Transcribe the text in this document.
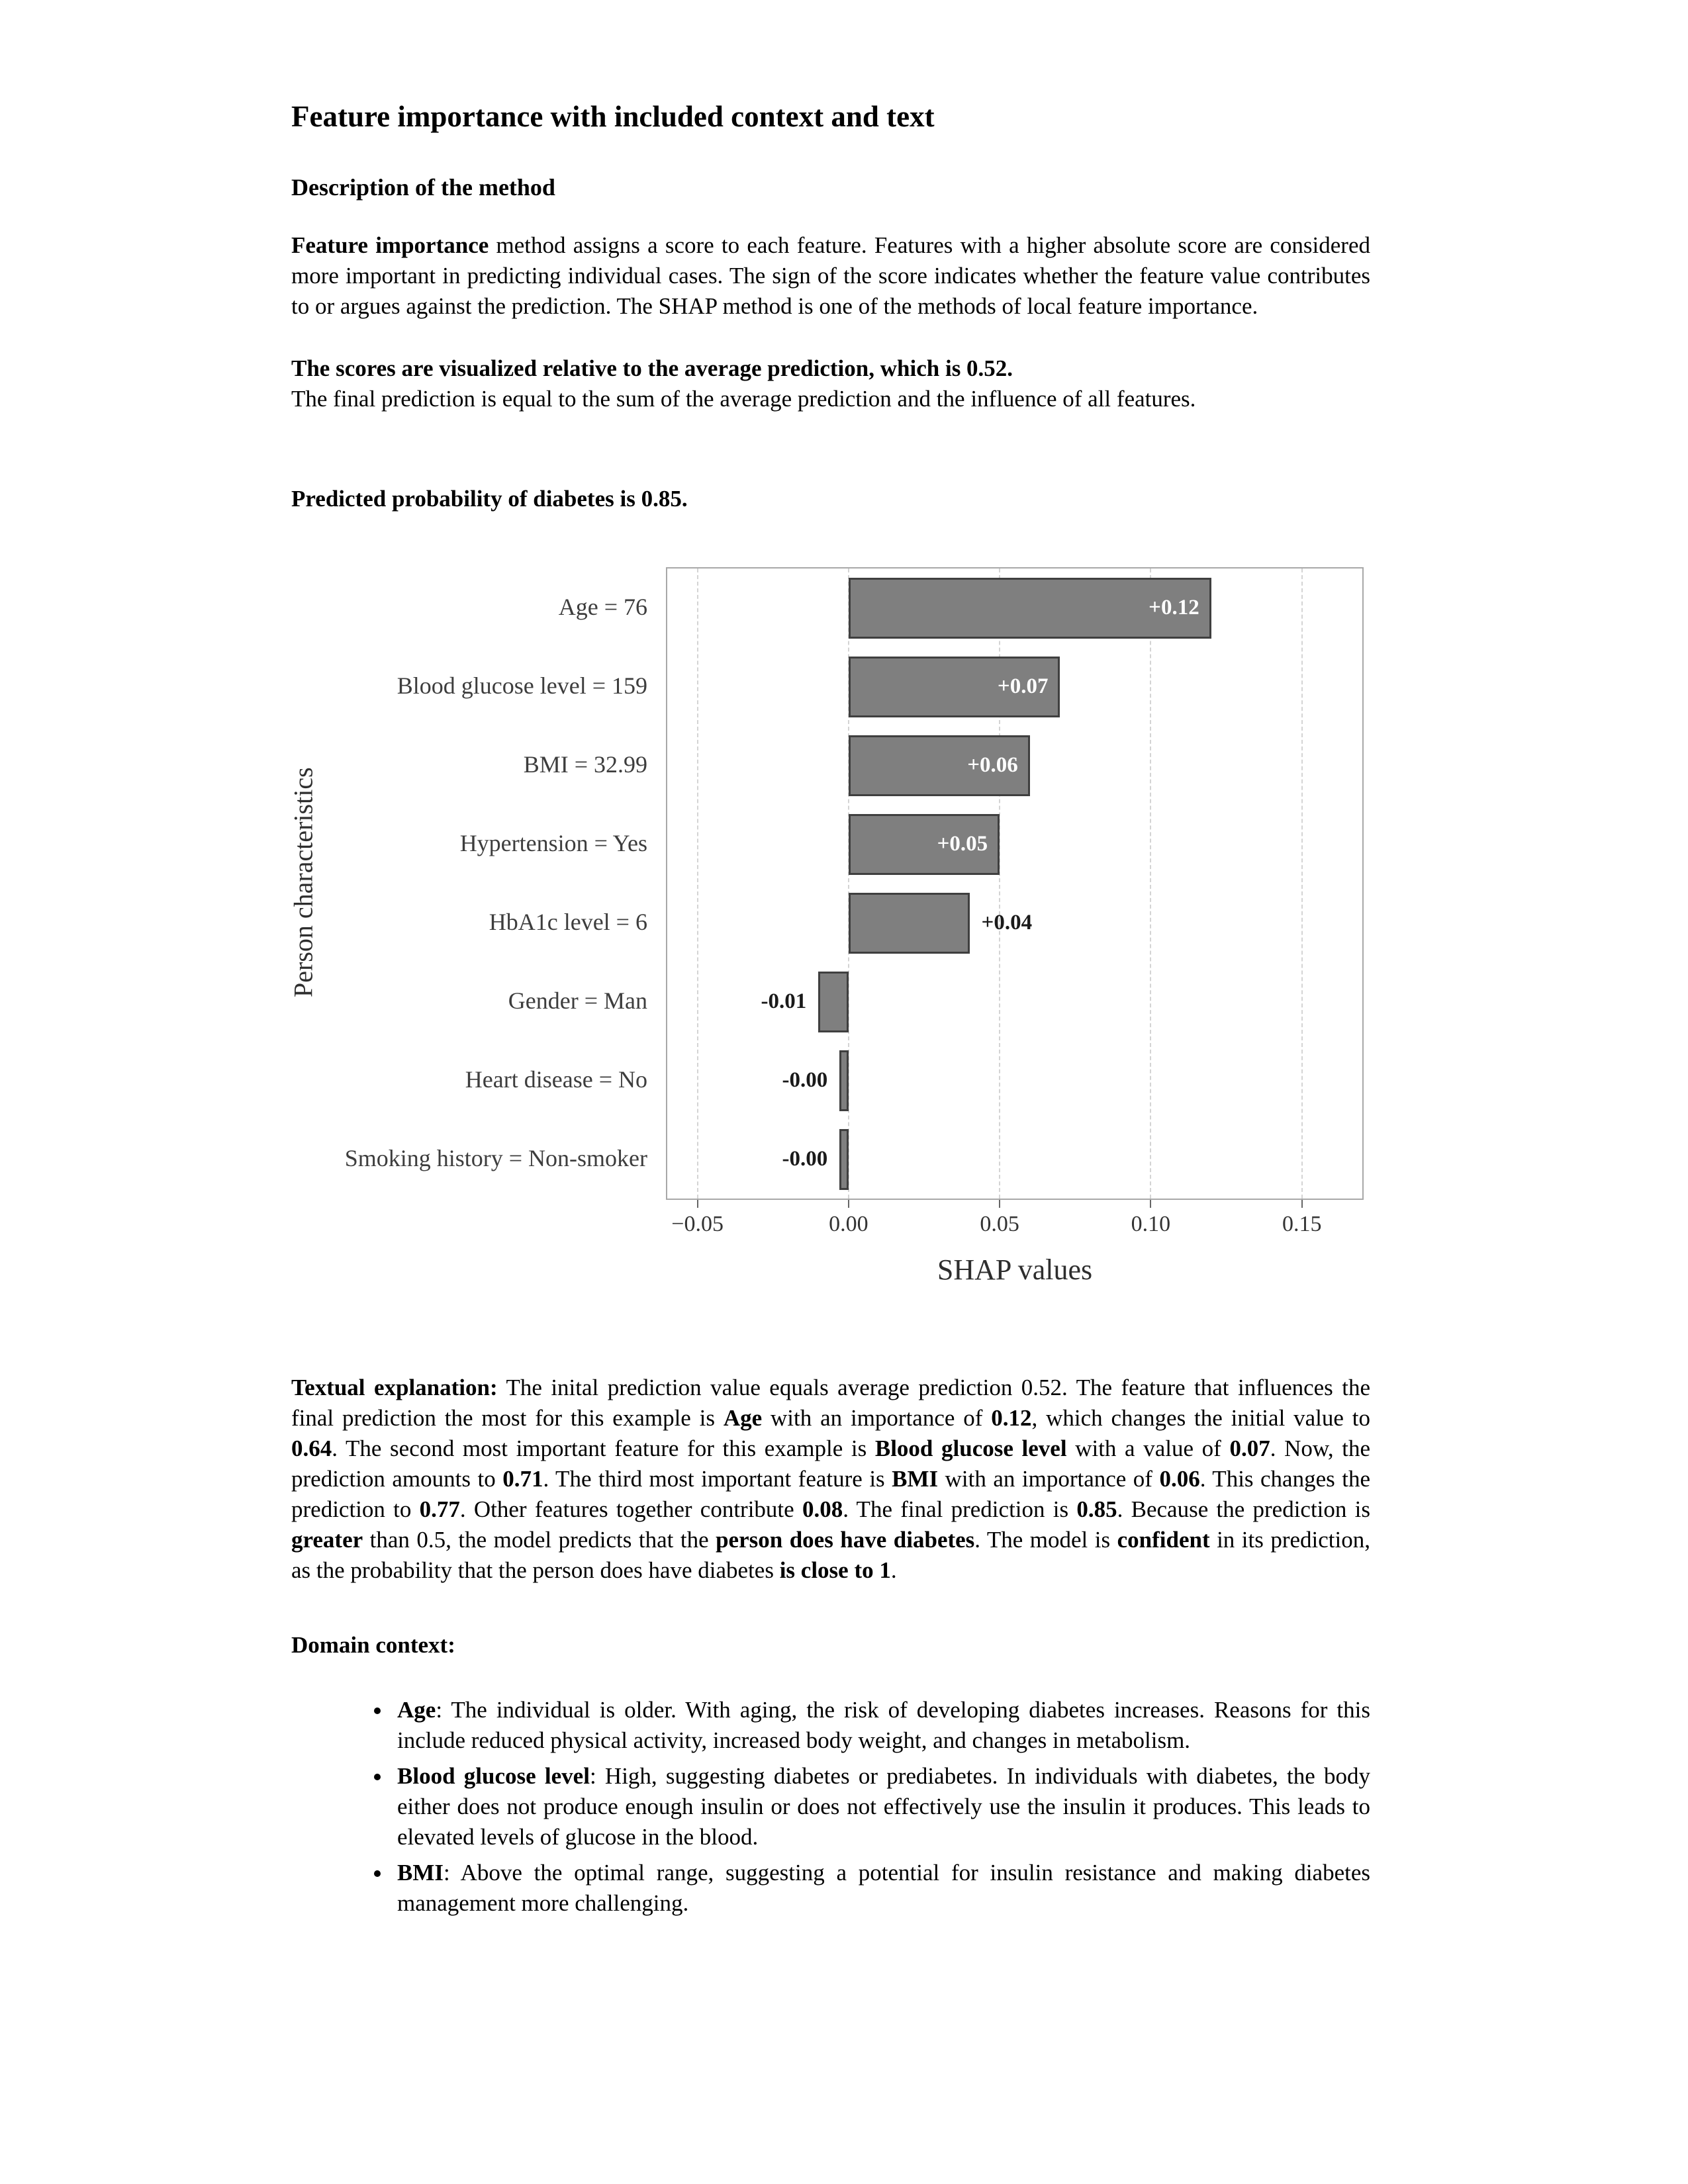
Feature importance with included context and text
Description of the method

Feature importance method assigns a score to each feature. Features with a higher absolute score are considered more important in predicting individual cases. The sign of the score indicates whether the feature value contributes to or argues against the prediction. The SHAP method is one of the methods of local feature importance.

The scores are visualized relative to the average prediction, which is 0.52.
The final prediction is equal to the sum of the average prediction and the influence of all features.

Predicted probability of diabetes is 0.85.

Person characteristics
Age = 76
Blood glucose level = 159
BMI = 32.99
Hypertension = Yes
HbA1c level = 6
Gender = Man
Heart disease = No
Smoking history = Non-smoker
+0.12
+0.07
+0.06
+0.05
+0.04
-0.01
-0.00
-0.00
−0.05	0.00	0.05	0.10	0.15
SHAP values

Textual explanation: The inital prediction value equals average prediction 0.52. The feature that influences the final prediction the most for this example is Age with an importance of 0.12, which changes the initial value to 0.64. The second most important feature for this example is Blood glucose level with a value of 0.07. Now, the prediction amounts to 0.71. The third most important feature is BMI with an importance of 0.06. This changes the prediction to 0.77. Other features together contribute 0.08. The final prediction is 0.85. Because the prediction is greater than 0.5, the model predicts that the person does have diabetes. The model is confident in its prediction, as the probability that the person does have diabetes is close to 1.

Domain context:
• Age: The individual is older. With aging, the risk of developing diabetes increases. Reasons for this include reduced physical activity, increased body weight, and changes in metabolism.
• Blood glucose level: High, suggesting diabetes or prediabetes. In individuals with diabetes, the body either does not produce enough insulin or does not effectively use the insulin it produces. This leads to elevated levels of glucose in the blood.
• BMI: Above the optimal range, suggesting a potential for insulin resistance and making diabetes management more challenging.
